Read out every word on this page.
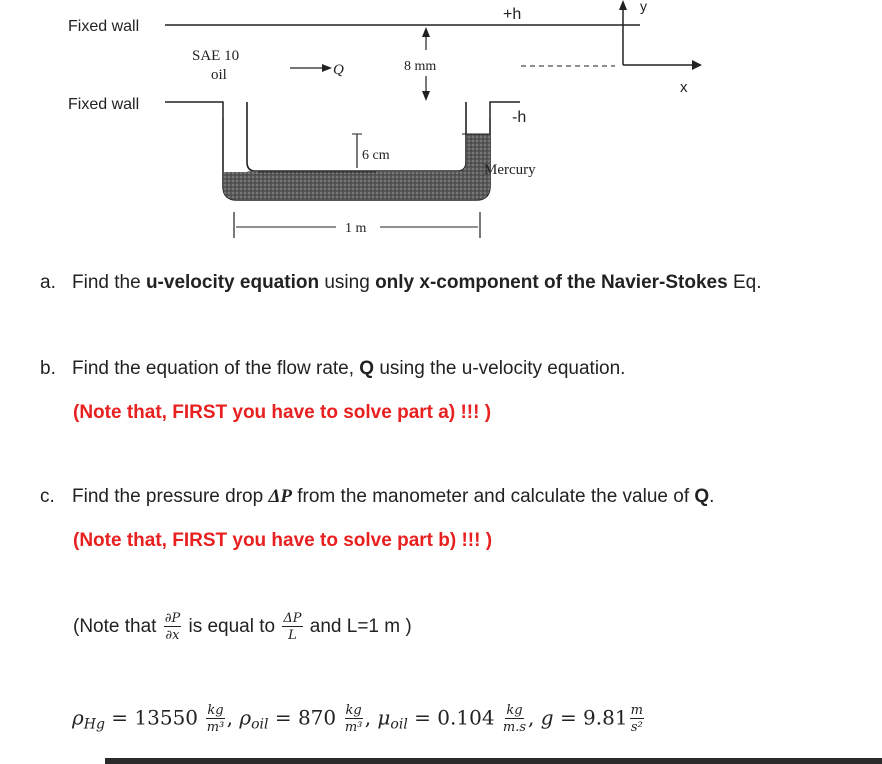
Fixed wall
+h	y
x
SAE 10
oil	Q	8 mm
Fixed wall
-h
6 cm
Mercury
1 m
a. Find the u-velocity equation using only x-component of the Navier-Stokes Eq.
b. Find the equation of the flow rate, Q using the u-velocity equation.
(Note that, FIRST you have to solve part a) !!! )
c. Find the pressure drop ΔP from the manometer and calculate the value of Q.
(Note that, FIRST you have to solve part b) !!! )
(Note that $\frac{\partial P}{\partial x}$ is equal to $\frac{\Delta P}{L}$ and L=1 m )
$\rho_{Hg} = 13550 \frac{kg}{\text{m³}}$ , $\rho_{oil} = 870 \frac{kg}{\text{m³}}$ , $\mu_{oil} = 0.104 \frac{kg}{m.s}$ , $g = 9.81 \frac{m}{\text{s²}}$
